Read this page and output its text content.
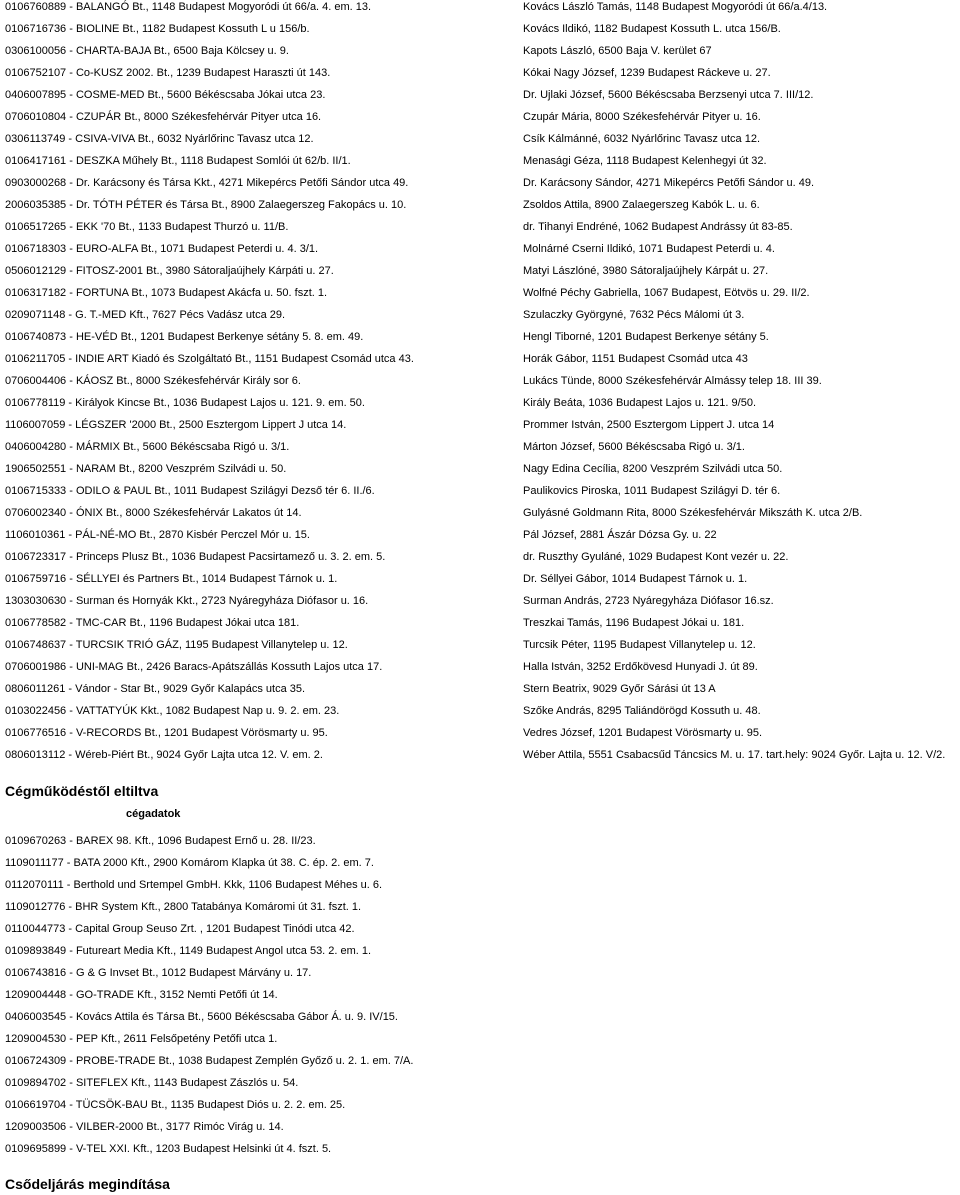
0106760889 - BALANGÓ Bt., 1148 Budapest Mogyoródi út 66/a. 4. em. 13.	Kovács László Tamás, 1148 Budapest Mogyoródi út 66/a.4/13.
0106716736 - BIOLINE Bt., 1182 Budapest Kossuth L u 156/b.	Kovács Ildikó, 1182 Budapest Kossuth L. utca 156/B.
0306100056 - CHARTA-BAJA Bt., 6500 Baja Kölcsey u. 9.	Kapots László, 6500 Baja V. kerület 67
0106752107 - Co-KUSZ 2002. Bt., 1239 Budapest Haraszti út 143.	Kókai Nagy József, 1239 Budapest Ráckeve u. 27.
0406007895 - COSME-MED Bt., 5600 Békéscsaba Jókai utca 23.	Dr. Ujlaki József, 5600 Békéscsaba Berzsenyi utca 7. III/12.
0706010804 - CZUPÁR Bt., 8000 Székesfehérvár Pityer utca 16.	Czupár Mária, 8000 Székesfehérvár Pityer u. 16.
0306113749 - CSIVA-VIVA Bt., 6032 Nyárlőrinc Tavasz utca 12.	Csík Kálmánné, 6032 Nyárlőrinc Tavasz utca 12.
0106417161 - DESZKA Műhely Bt., 1118 Budapest Somlói út 62/b. II/1.	Menasági Géza, 1118 Budapest Kelenhegyi út 32.
0903000268 - Dr. Karácsony és Társa Kkt., 4271 Mikepércs Petőfi Sándor utca 49.	Dr. Karácsony Sándor, 4271 Mikepércs Petőfi Sándor u. 49.
2006035385 - Dr. TÓTH PÉTER és Társa Bt., 8900 Zalaegerszeg Fakopács u. 10.	Zsoldos Attila, 8900 Zalaegerszeg Kabók L. u. 6.
0106517265 - EKK '70 Bt., 1133 Budapest Thurzó u. 11/B.	dr. Tihanyi Endréné, 1062 Budapest Andrássy út 83-85.
0106718303 - EURO-ALFA Bt., 1071 Budapest Peterdi u. 4. 3/1.	Molnárné Cserni Ildikó, 1071 Budapest Peterdi u. 4.
0506012129 - FITOSZ-2001 Bt., 3980 Sátoraljaújhely Kárpáti u. 27.	Matyi Lászlóné, 3980 Sátoraljaújhely Kárpát u. 27.
0106317182 - FORTUNA Bt., 1073 Budapest Akácfa u. 50. fszt. 1.	Wolfné Péchy Gabriella, 1067 Budapest, Eötvös u. 29. II/2.
0209071148 - G. T.-MED Kft., 7627 Pécs Vadász utca 29.	Szulaczky Györgyné, 7632 Pécs Málomi út 3.
0106740873 - HE-VÉD Bt., 1201 Budapest Berkenye sétány 5. 8. em. 49.	Hengl Tiborné, 1201 Budapest Berkenye sétány 5.
0106211705 - INDIE ART Kiadó és Szolgáltató Bt., 1151 Budapest Csomád utca 43.	Horák Gábor, 1151 Budapest Csomád utca 43
0706004406 - KÁOSZ Bt., 8000 Székesfehérvár Király sor 6.	Lukács Tünde, 8000 Székesfehérvár Almássy telep 18. III 39.
0106778119 - Királyok Kincse Bt., 1036 Budapest Lajos u. 121. 9. em. 50.	Király Beáta, 1036 Budapest Lajos u. 121. 9/50.
1106007059 - LÉGSZER '2000 Bt., 2500 Esztergom Lippert J utca 14.	Prommer István, 2500 Esztergom Lippert J. utca 14
0406004280 - MÁRMIX Bt., 5600 Békéscsaba Rigó u. 3/1.	Márton József, 5600 Békéscsaba Rigó u. 3/1.
1906502551 - NARAM Bt., 8200 Veszprém Szilvádi u. 50.	Nagy Edina Cecília, 8200 Veszprém Szilvádi utca 50.
0106715333 - ODILO & PAUL Bt., 1011 Budapest Szilágyi Dezső tér 6. II./6.	Paulikovics Piroska, 1011 Budapest Szilágyi D. tér 6.
0706002340 - ÓNIX Bt., 8000 Székesfehérvár Lakatos út 14.	Gulyásné Goldmann Rita, 8000 Székesfehérvár Mikszáth K. utca 2/B.
1106010361 - PÁL-NÉ-MO Bt., 2870 Kisbér Perczel Mór u. 15.	Pál József, 2881 Ászár Dózsa Gy. u. 22
0106723317 - Princeps Plusz Bt., 1036 Budapest Pacsirtamező u. 3. 2. em. 5.	dr. Ruszthy Gyuláné, 1029 Budapest Kont vezér u. 22.
0106759716 - SÉLLYEI és Partners Bt., 1014 Budapest Tárnok u. 1.	Dr. Séllyei Gábor, 1014 Budapest Tárnok u. 1.
1303030630 - Surman és Hornyák Kkt., 2723 Nyáregyháza Diófasor u. 16.	Surman András, 2723 Nyáregyháza Diófasor 16.sz.
0106778582 - TMC-CAR Bt., 1196 Budapest Jókai utca 181.	Treszkai Tamás, 1196 Budapest Jókai u. 181.
0106748637 - TURCSIK TRIÓ GÁZ, 1195 Budapest Villanytelep u. 12.	Turcsik Péter, 1195 Budapest Villanytelep u. 12.
0706001986 - UNI-MAG Bt., 2426 Baracs-Apátszállás Kossuth Lajos utca 17.	Halla István, 3252 Erdőkövesd Hunyadi J. út 89.
0806011261 - Vándor - Star Bt., 9029 Győr Kalapács utca 35.	Stern Beatrix, 9029 Győr Sárási út 13 A
0103022456 - VATTATYÚK Kkt., 1082 Budapest Nap u. 9. 2. em. 23.	Szőke András, 8295 Taliándörögd Kossuth u. 48.
0106776516 - V-RECORDS Bt., 1201 Budapest Vörösmarty u. 95.	Vedres József, 1201 Budapest Vörösmarty u. 95.
0806013112 - Wéreb-Piért Bt., 9024 Győr Lajta utca 12. V. em. 2.	Wéber Attila, 5551 Csabacsűd Táncsics M. u. 17. tart.hely: 9024 Győr. Lajta u. 12. V/2.
Cégműködéstől eltiltva
cégadatok
0109670263 - BAREX 98. Kft., 1096 Budapest Ernő u. 28. II/23.
1109011177 - BATA 2000 Kft., 2900 Komárom Klapka út 38. C. ép. 2. em. 7.
0112070111 - Berthold und Srtempel GmbH. Kkk, 1106 Budapest Méhes u. 6.
1109012776 - BHR System Kft., 2800 Tatabánya Komáromi út 31. fszt. 1.
0110044773 - Capital Group Seuso Zrt. , 1201 Budapest Tinódi utca 42.
0109893849 - Futureart Media Kft., 1149 Budapest Angol utca 53. 2. em. 1.
0106743816 - G & G Invset Bt., 1012 Budapest Márvány u. 17.
1209004448 - GO-TRADE Kft., 3152 Nemti Petőfi út 14.
0406003545 - Kovács Attila és Társa Bt., 5600 Békéscsaba Gábor Á. u. 9. IV/15.
1209004530 - PEP Kft., 2611 Felsőpetény Petőfi utca 1.
0106724309 - PROBE-TRADE Bt., 1038 Budapest Zemplén Győző u. 2. 1. em. 7/A.
0109894702 - SITEFLEX Kft., 1143 Budapest Zászlós u. 54.
0106619704 - TÜCSÖK-BAU Bt., 1135 Budapest Diós u. 2. 2. em. 25.
1209003506 - VILBER-2000 Bt., 3177 Rimóc Virág u. 14.
0109695899 - V-TEL XXI. Kft., 1203 Budapest Helsinki út 4. fszt. 5.
Csődeljárás megindítása
